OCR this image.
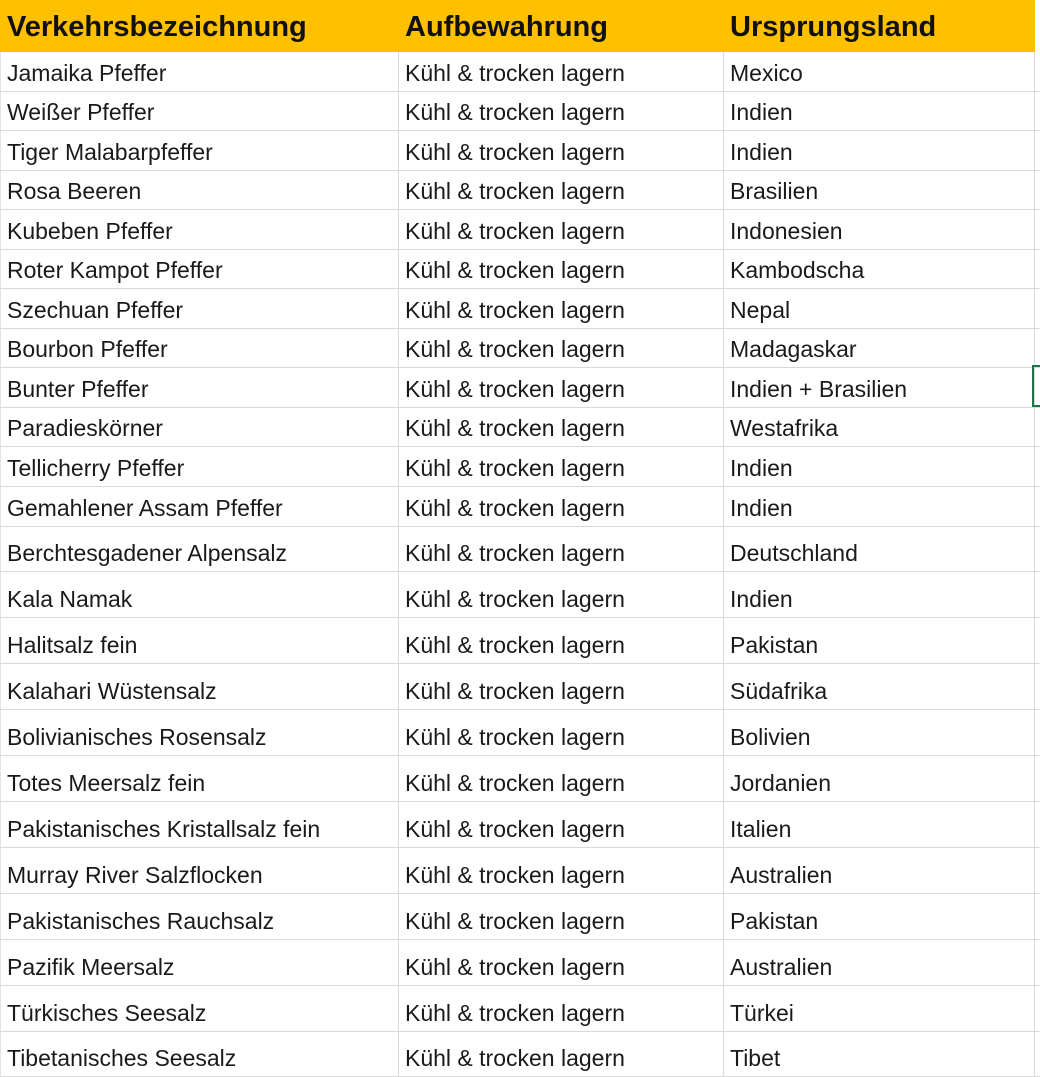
Verkehrsbezeichnung	Aufbewahrung	Ursprungsland
Jamaika Pfeffer	Kühl & trocken lagern	Mexico
Weißer Pfeffer	Kühl & trocken lagern	Indien
Tiger Malabarpfeffer	Kühl & trocken lagern	Indien
Rosa Beeren	Kühl & trocken lagern	Brasilien
Kubeben Pfeffer	Kühl & trocken lagern	Indonesien
Roter Kampot Pfeffer	Kühl & trocken lagern	Kambodscha
Szechuan Pfeffer	Kühl & trocken lagern	Nepal
Bourbon Pfeffer	Kühl & trocken lagern	Madagaskar
Bunter Pfeffer	Kühl & trocken lagern	Indien + Brasilien
Paradieskörner	Kühl & trocken lagern	Westafrika
Tellicherry Pfeffer	Kühl & trocken lagern	Indien
Gemahlener Assam Pfeffer	Kühl & trocken lagern	Indien
Berchtesgadener Alpensalz	Kühl & trocken lagern	Deutschland
Kala Namak	Kühl & trocken lagern	Indien
Halitsalz fein	Kühl & trocken lagern	Pakistan
Kalahari Wüstensalz	Kühl & trocken lagern	Südafrika
Bolivianisches Rosensalz	Kühl & trocken lagern	Bolivien
Totes Meersalz fein	Kühl & trocken lagern	Jordanien
Pakistanisches Kristallsalz fein	Kühl & trocken lagern	Italien
Murray River Salzflocken	Kühl & trocken lagern	Australien
Pakistanisches Rauchsalz	Kühl & trocken lagern	Pakistan
Pazifik Meersalz	Kühl & trocken lagern	Australien
Türkisches Seesalz	Kühl & trocken lagern	Türkei
Tibetanisches Seesalz	Kühl & trocken lagern	Tibet
